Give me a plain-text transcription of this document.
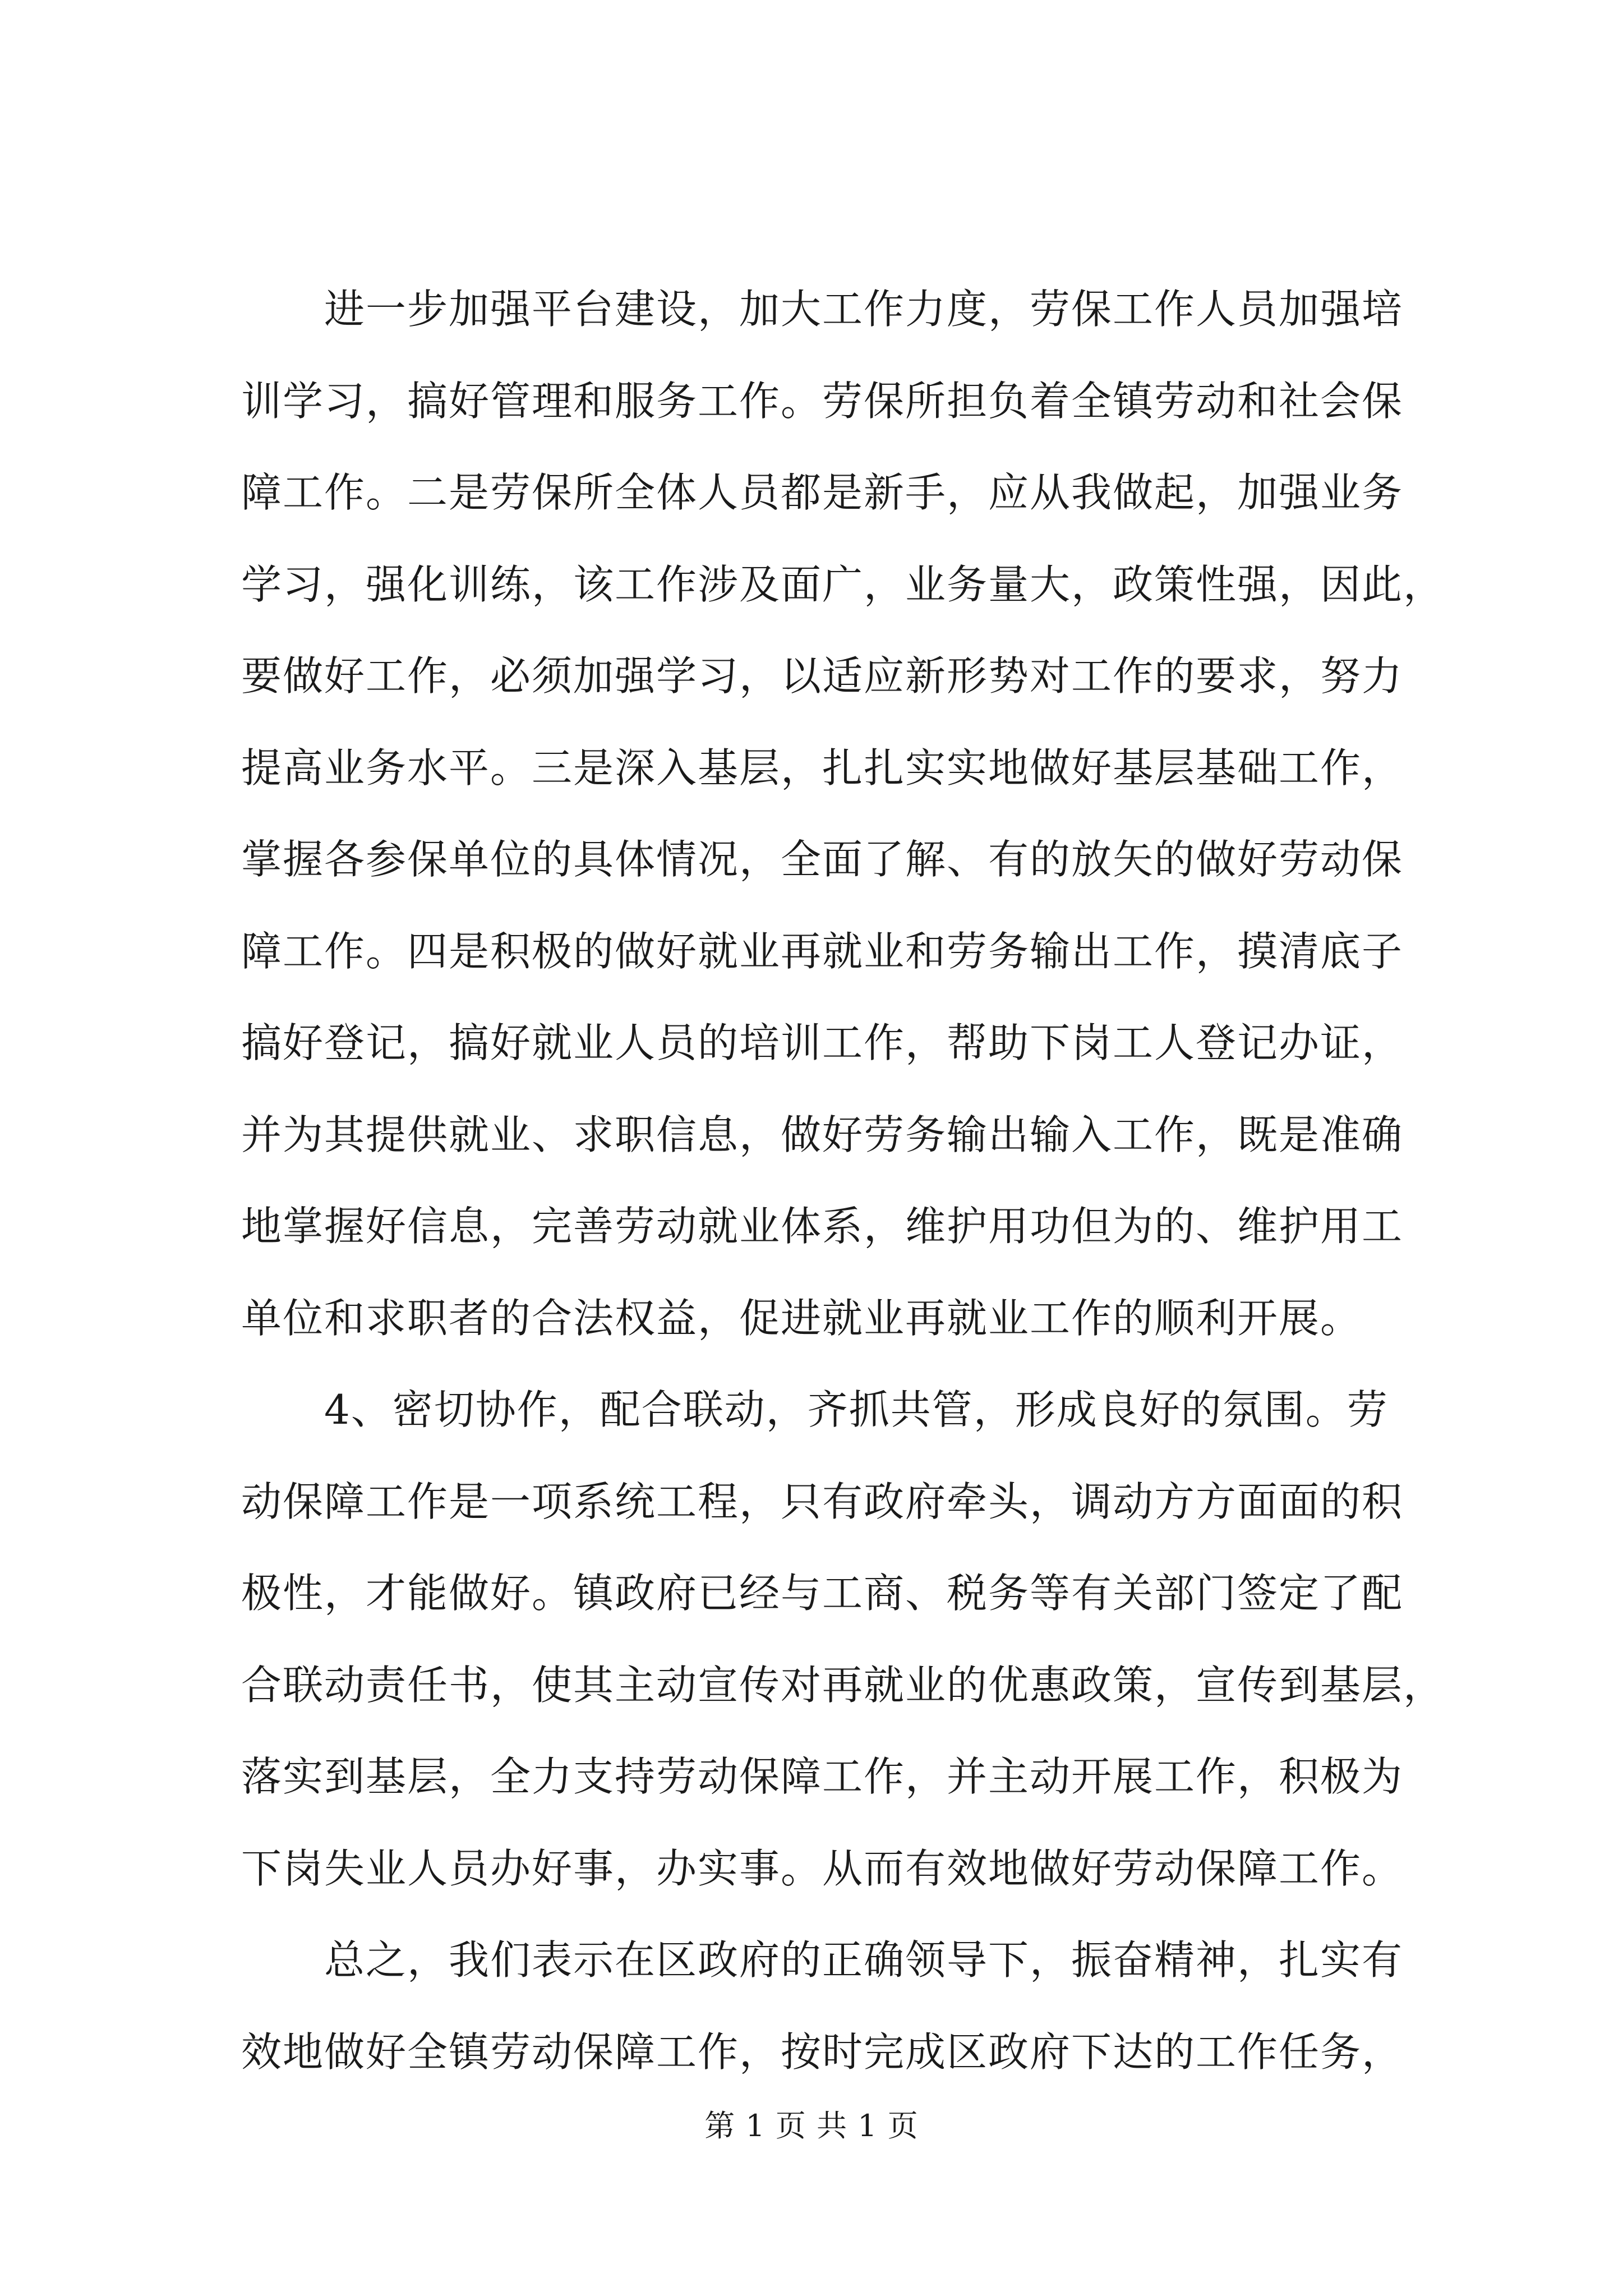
　　进一步加强平台建设，加大工作力度，劳保工作人员加强培
训学习，搞好管理和服务工作。劳保所担负着全镇劳动和社会保
障工作。二是劳保所全体人员都是新手，应从我做起，加强业务
学习，强化训练，该工作涉及面广，业务量大，政策性强，因此，
要做好工作，必须加强学习，以适应新形势对工作的要求，努力
提高业务水平。三是深入基层，扎扎实实地做好基层基础工作，
掌握各参保单位的具体情况，全面了解、有的放矢的做好劳动保
障工作。四是积极的做好就业再就业和劳务输出工作，摸清底子
搞好登记，搞好就业人员的培训工作，帮助下岗工人登记办证，
并为其提供就业、求职信息，做好劳务输出输入工作，既是准确
地掌握好信息，完善劳动就业体系，维护用功但为的、维护用工
单位和求职者的合法权益，促进就业再就业工作的顺利开展。
　　4、密切协作，配合联动，齐抓共管，形成良好的氛围。劳
动保障工作是一项系统工程，只有政府牵头，调动方方面面的积
极性，才能做好。镇政府已经与工商、税务等有关部门签定了配
合联动责任书，使其主动宣传对再就业的优惠政策，宣传到基层，
落实到基层，全力支持劳动保障工作，并主动开展工作，积极为
下岗失业人员办好事，办实事。从而有效地做好劳动保障工作。
　　总之，我们表示在区政府的正确领导下，振奋精神，扎实有
效地做好全镇劳动保障工作，按时完成区政府下达的工作任务，
第 1 页 共 1 页
